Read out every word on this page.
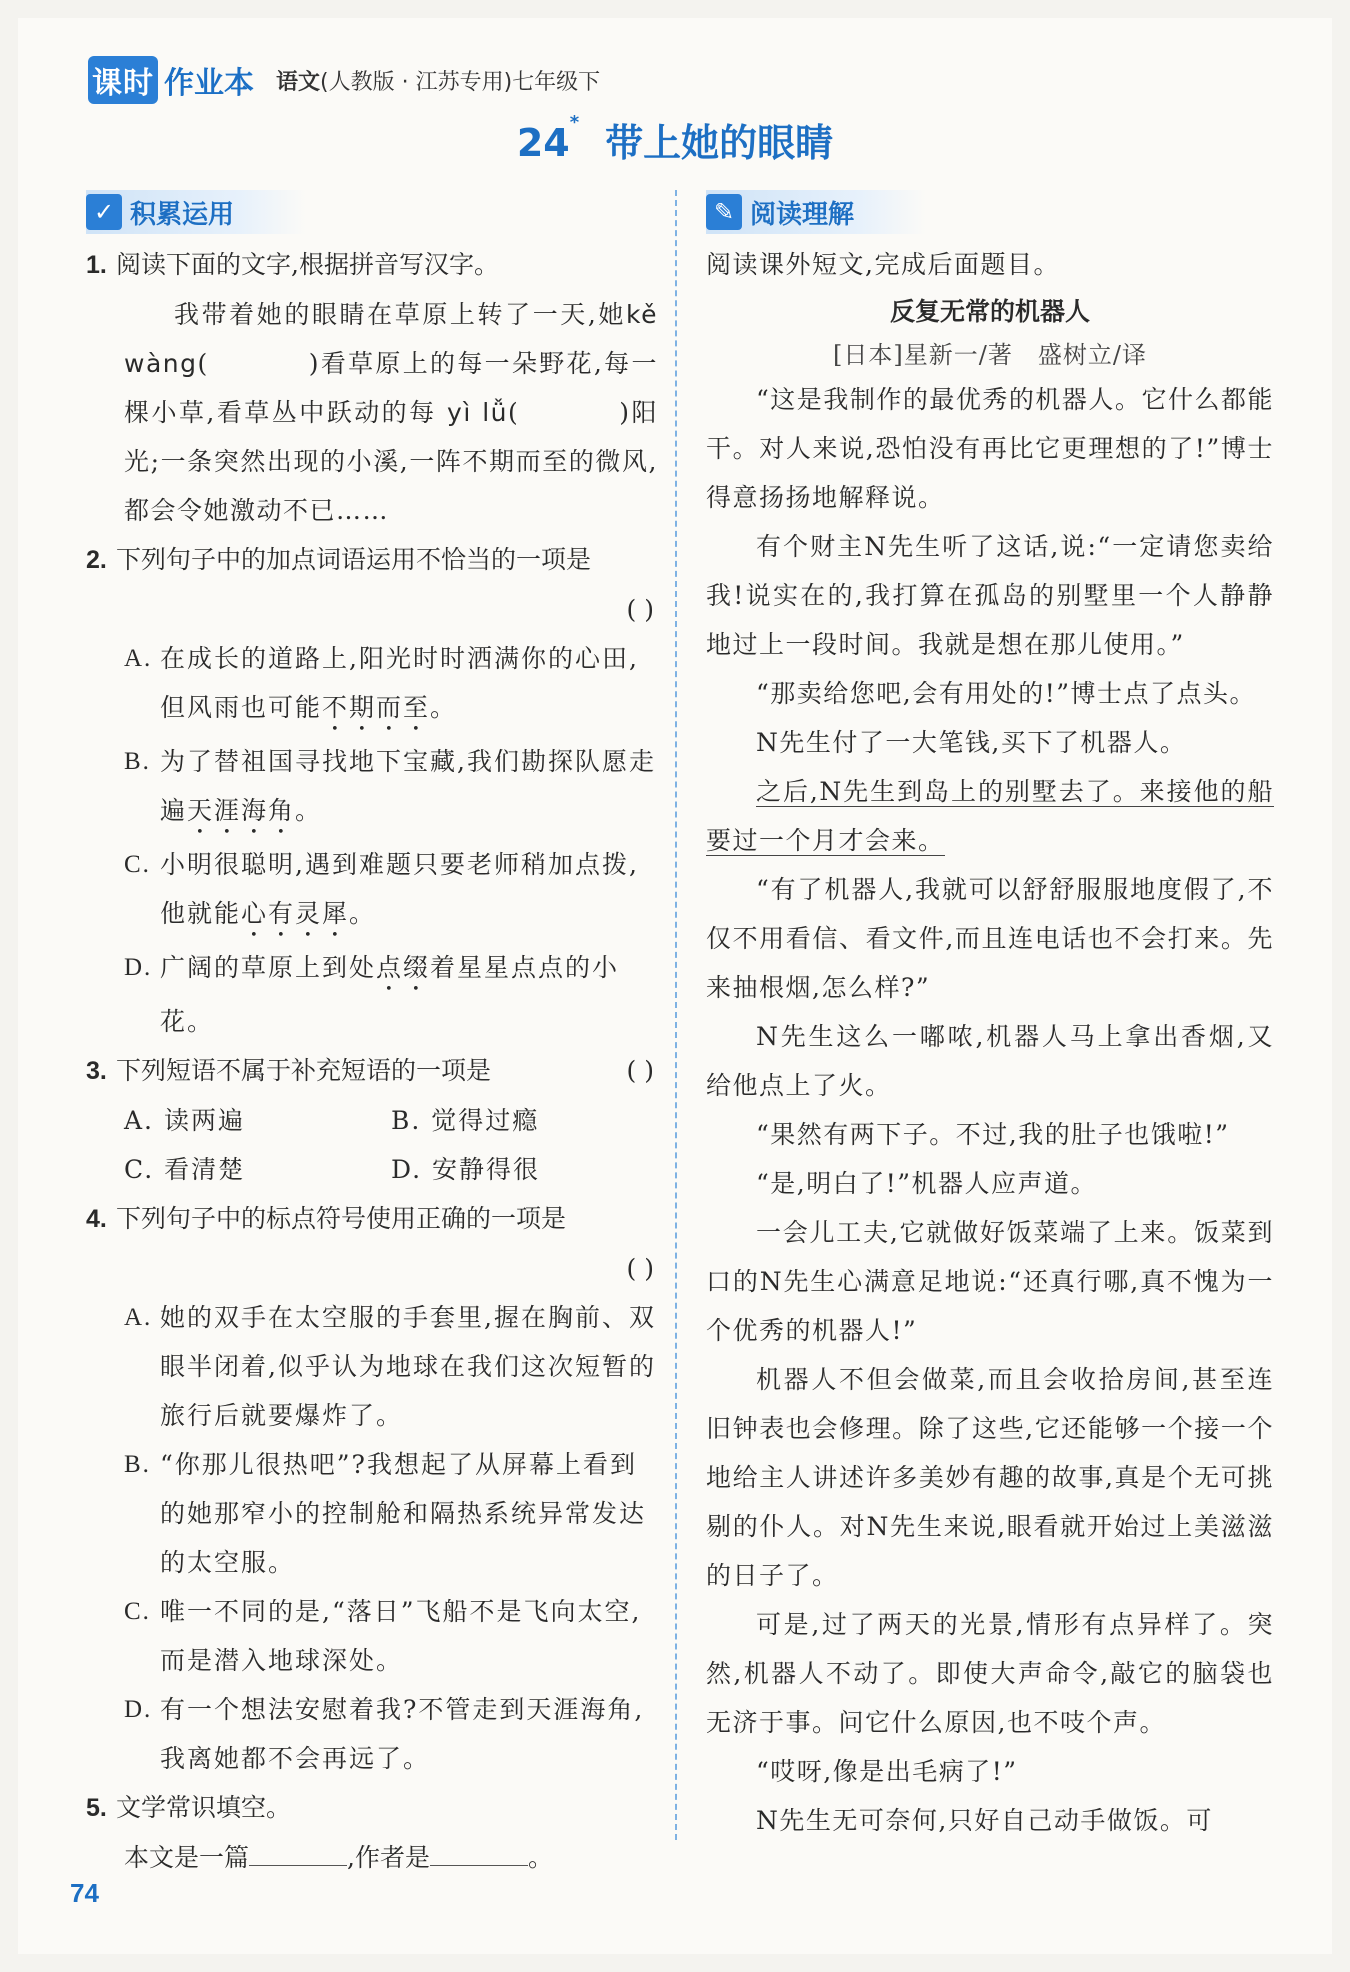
课时 作业本 语文(人教版 · 江苏专用)七年级下
24* 带上她的眼睛
✓ 积累运用
1. 阅读下面的文字,根据拼音写汉字。
我带着她的眼睛在草原上转了一天,她kě wàng(	)看草原上的每一朵野花,每一棵小草,看草丛中跃动的每 yì lǚ(	)阳光;一条突然出现的小溪,一阵不期而至的微风,都会令她激动不已……
2. 下列句子中的加点词语运用不恰当的一项是
( )
A. 在成长的道路上,阳光时时洒满你的心田,但风雨也可能不期而至。
B. 为了替祖国寻找地下宝藏,我们勘探队愿走遍天涯海角。
C. 小明很聪明,遇到难题只要老师稍加点拨,他就能心有灵犀。
D. 广阔的草原上到处点缀着星星点点的小花。
3. 下列短语不属于补充短语的一项是	( )
A. 读两遍	B. 觉得过瘾
C. 看清楚	D. 安静得很
4. 下列句子中的标点符号使用正确的一项是
( )
A. 她的双手在太空服的手套里,握在胸前、双眼半闭着,似乎认为地球在我们这次短暂的旅行后就要爆炸了。
B. “你那儿很热吧”?我想起了从屏幕上看到的她那窄小的控制舱和隔热系统异常发达的太空服。
C. 唯一不同的是,“落日”飞船不是飞向太空,而是潜入地球深处。
D. 有一个想法安慰着我?不管走到天涯海角,我离她都不会再远了。
5. 文学常识填空。
本文是一篇	,作者是	。
✎ 阅读理解
阅读课外短文,完成后面题目。
反复无常的机器人
[日本]星新一/著　盛树立/译
“这是我制作的最优秀的机器人。它什么都能干。对人来说,恐怕没有再比它更理想的了!”博士得意扬扬地解释说。
有个财主N先生听了这话,说:“一定请您卖给我!说实在的,我打算在孤岛的别墅里一个人静静地过上一段时间。我就是想在那儿使用。”
“那卖给您吧,会有用处的!”博士点了点头。
N先生付了一大笔钱,买下了机器人。
之后,N先生到岛上的别墅去了。来接他的船要过一个月才会来。
“有了机器人,我就可以舒舒服服地度假了,不仅不用看信、看文件,而且连电话也不会打来。先来抽根烟,怎么样?”
N先生这么一嘟哝,机器人马上拿出香烟,又给他点上了火。
“果然有两下子。不过,我的肚子也饿啦!”
“是,明白了!”机器人应声道。
一会儿工夫,它就做好饭菜端了上来。饭菜到口的N先生心满意足地说:“还真行哪,真不愧为一个优秀的机器人!”
机器人不但会做菜,而且会收拾房间,甚至连旧钟表也会修理。除了这些,它还能够一个接一个地给主人讲述许多美妙有趣的故事,真是个无可挑剔的仆人。对N先生来说,眼看就开始过上美滋滋的日子了。
可是,过了两天的光景,情形有点异样了。突然,机器人不动了。即使大声命令,敲它的脑袋也无济于事。问它什么原因,也不吱个声。
“哎呀,像是出毛病了!”
N先生无可奈何,只好自己动手做饭。可
74
